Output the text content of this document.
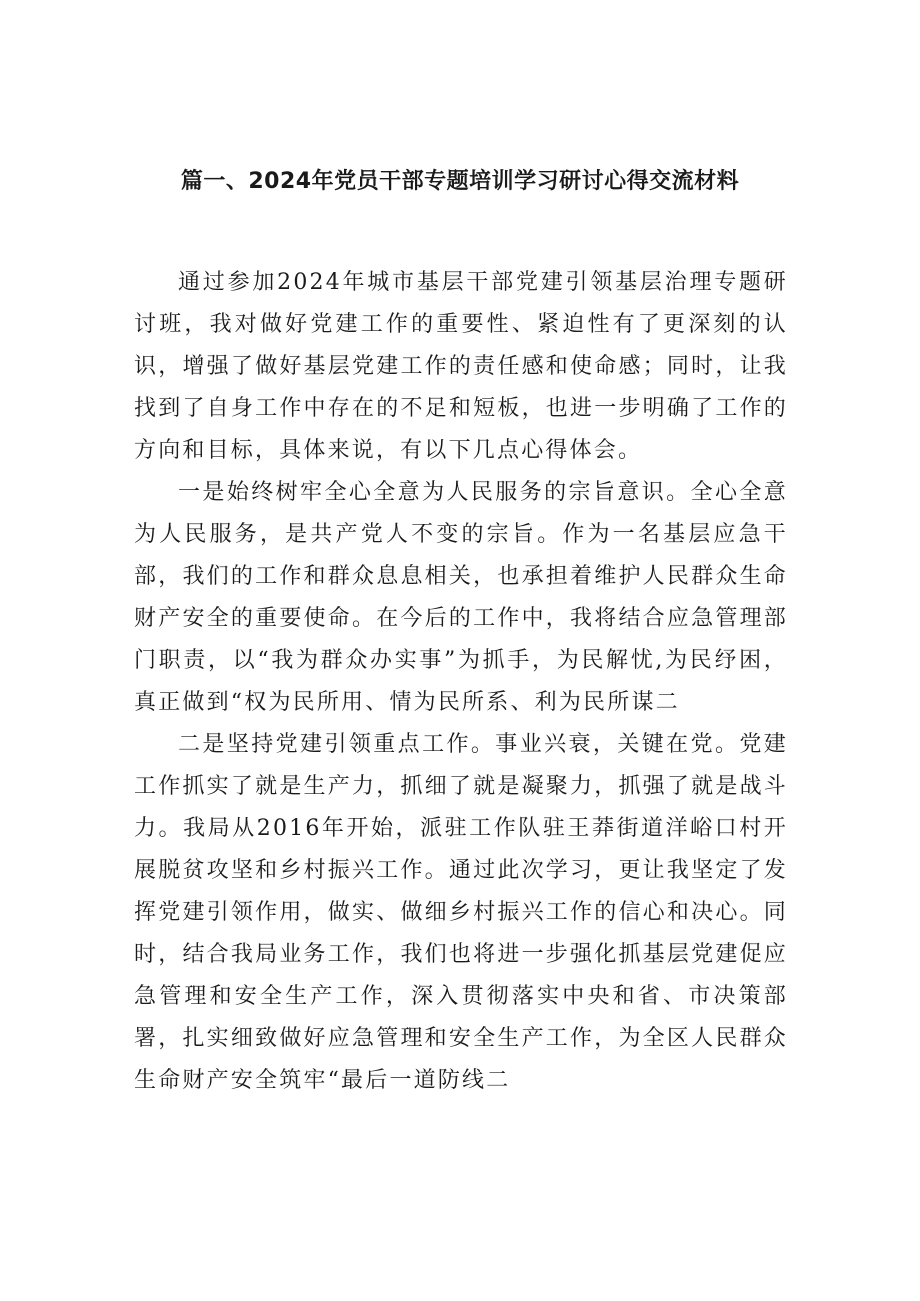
篇一、2024年党员干部专题培训学习研讨心得交流材料

通过参加2024年城市基层干部党建引领基层治理专题研讨班，我对做好党建工作的重要性、紧迫性有了更深刻的认识，增强了做好基层党建工作的责任感和使命感；同时，让我找到了自身工作中存在的不足和短板，也进一步明确了工作的方向和目标，具体来说，有以下几点心得体会。

一是始终树牢全心全意为人民服务的宗旨意识。全心全意为人民服务，是共产党人不变的宗旨。作为一名基层应急干部，我们的工作和群众息息相关，也承担着维护人民群众生命财产安全的重要使命。在今后的工作中，我将结合应急管理部门职责，以“我为群众办实事”为抓手，为民解忧,为民纾困，真正做到“权为民所用、情为民所系、利为民所谋二

二是坚持党建引领重点工作。事业兴衰，关键在党。党建工作抓实了就是生产力，抓细了就是凝聚力，抓强了就是战斗力。我局从2016年开始，派驻工作队驻王莽街道洋峪口村开展脱贫攻坚和乡村振兴工作。通过此次学习，更让我坚定了发挥党建引领作用，做实、做细乡村振兴工作的信心和决心。同时，结合我局业务工作，我们也将进一步强化抓基层党建促应急管理和安全生产工作，深入贯彻落实中央和省、市决策部署，扎实细致做好应急管理和安全生产工作，为全区人民群众生命财产安全筑牢“最后一道防线二
